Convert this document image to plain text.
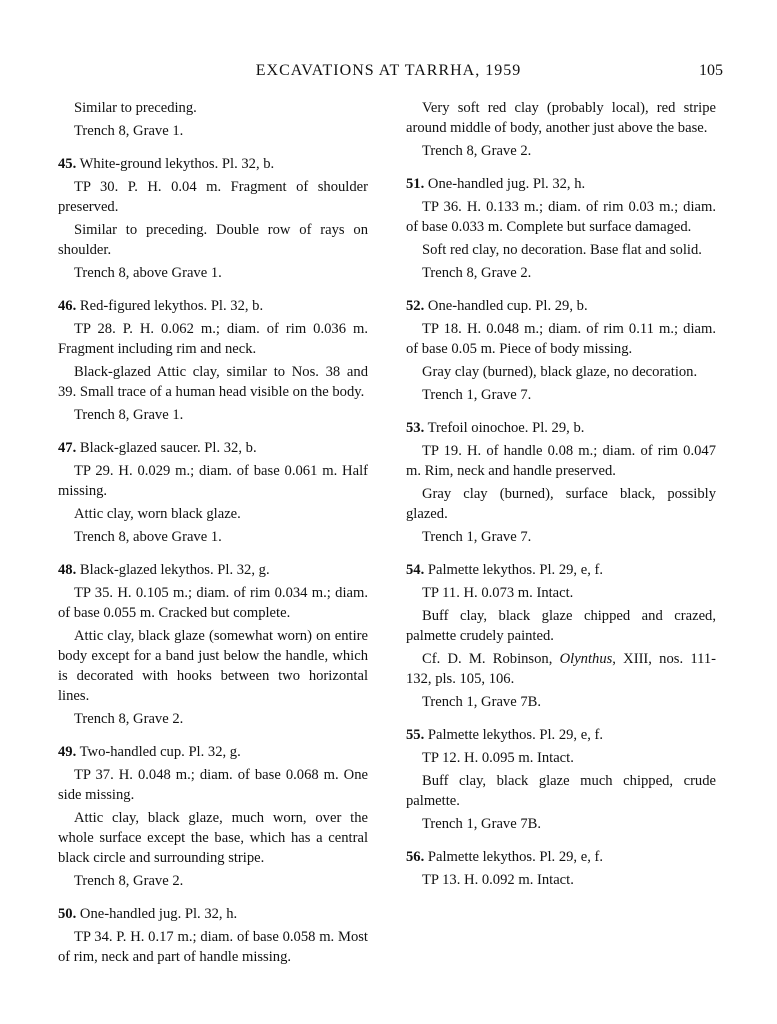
EXCAVATIONS AT TARRHA, 1959	105

Similar to preceding.

Trench 8, Grave 1.

45. White-ground lekythos. Pl. 32, b.

TP 30. P. H. 0.04 m. Fragment of shoulder preserved.

Similar to preceding. Double row of rays on shoulder.

Trench 8, above Grave 1.

46. Red-figured lekythos. Pl. 32, b.

TP 28. P. H. 0.062 m.; diam. of rim 0.036 m. Fragment including rim and neck.

Black-glazed Attic clay, similar to Nos. 38 and 39. Small trace of a human head visible on the body.

Trench 8, Grave 1.

47. Black-glazed saucer. Pl. 32, b.

TP 29. H. 0.029 m.; diam. of base 0.061 m. Half missing.

Attic clay, worn black glaze.

Trench 8, above Grave 1.

48. Black-glazed lekythos. Pl. 32, g.

TP 35. H. 0.105 m.; diam. of rim 0.034 m.; diam. of base 0.055 m. Cracked but complete.

Attic clay, black glaze (somewhat worn) on entire body except for a band just below the handle, which is decorated with hooks between two horizontal lines.

Trench 8, Grave 2.

49. Two-handled cup. Pl. 32, g.

TP 37. H. 0.048 m.; diam. of base 0.068 m. One side missing.

Attic clay, black glaze, much worn, over the whole surface except the base, which has a central black circle and surrounding stripe.

Trench 8, Grave 2.

50. One-handled jug. Pl. 32, h.

TP 34. P. H. 0.17 m.; diam. of base 0.058 m. Most of rim, neck and part of handle missing.

Very soft red clay (probably local), red stripe around middle of body, another just above the base.

Trench 8, Grave 2.

51. One-handled jug. Pl. 32, h.

TP 36. H. 0.133 m.; diam. of rim 0.03 m.; diam. of base 0.033 m. Complete but surface damaged.

Soft red clay, no decoration. Base flat and solid.

Trench 8, Grave 2.

52. One-handled cup. Pl. 29, b.

TP 18. H. 0.048 m.; diam. of rim 0.11 m.; diam. of base 0.05 m. Piece of body missing.

Gray clay (burned), black glaze, no decoration.

Trench 1, Grave 7.

53. Trefoil oinochoe. Pl. 29, b.

TP 19. H. of handle 0.08 m.; diam. of rim 0.047 m. Rim, neck and handle preserved.

Gray clay (burned), surface black, possibly glazed.

Trench 1, Grave 7.

54. Palmette lekythos. Pl. 29, e, f.

TP 11. H. 0.073 m. Intact.

Buff clay, black glaze chipped and crazed, palmette crudely painted.

Cf. D. M. Robinson, Olynthus, XIII, nos. 111-132, pls. 105, 106.

Trench 1, Grave 7B.

55. Palmette lekythos. Pl. 29, e, f.

TP 12. H. 0.095 m. Intact.

Buff clay, black glaze much chipped, crude palmette.

Trench 1, Grave 7B.

56. Palmette lekythos. Pl. 29, e, f.

TP 13. H. 0.092 m. Intact.
